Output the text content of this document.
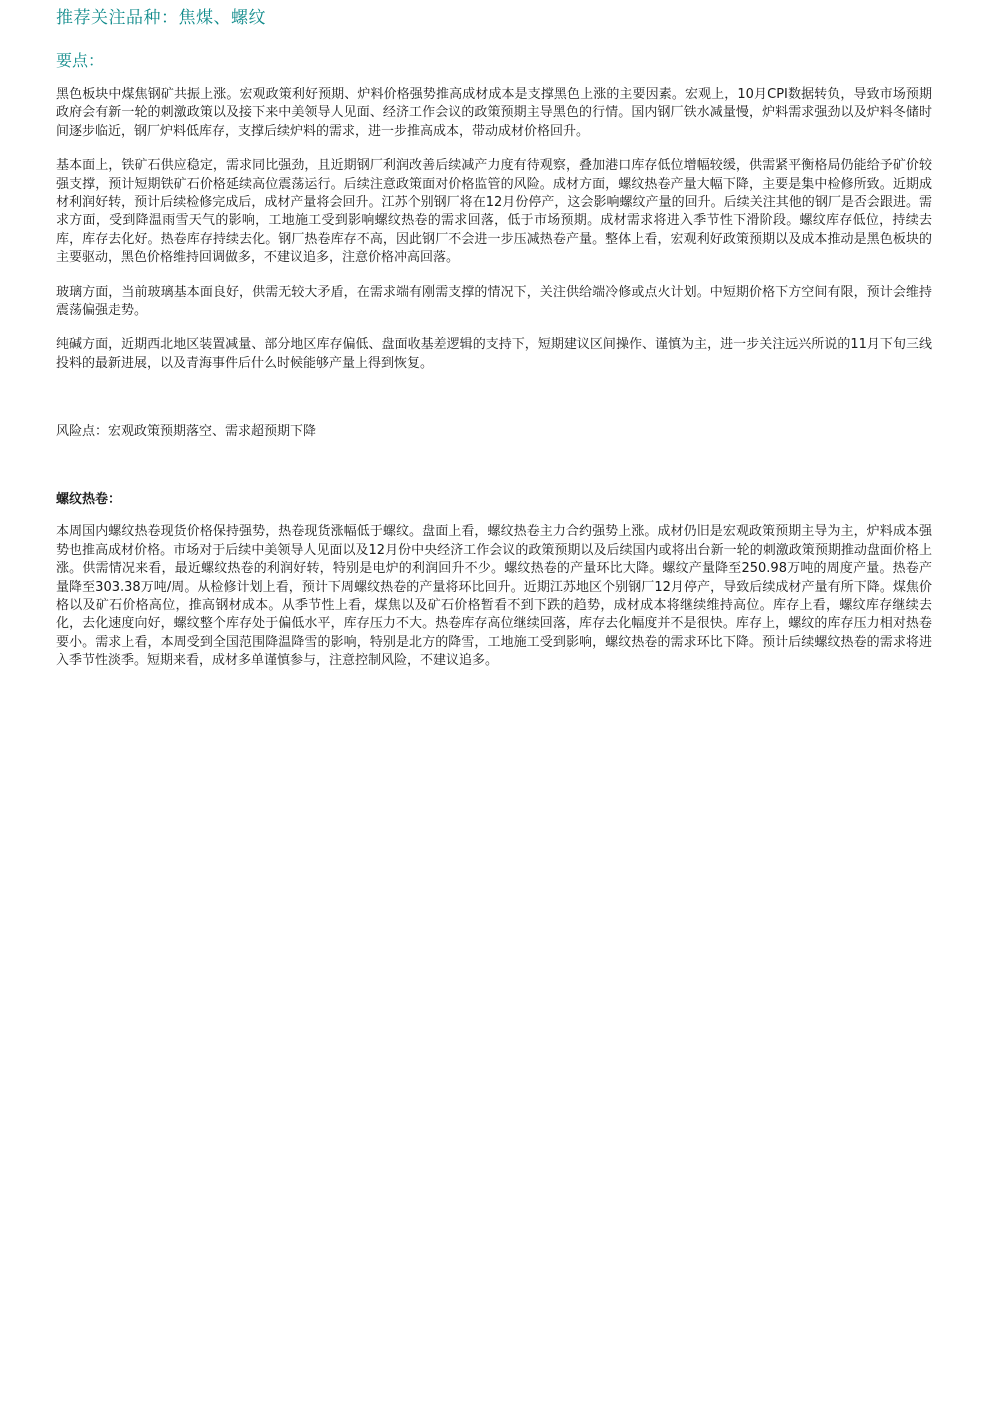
推荐关注品种：焦煤、螺纹
要点：

黑色板块中煤焦钢矿共振上涨。宏观政策利好预期、炉料价格强势推高成材成本是支撑黑色上涨的主要因素。宏观上，10月CPI数据转负，导致市场预期政府会有新一轮的刺激政策以及接下来中美领导人见面、经济工作会议的政策预期主导黑色的行情。国内钢厂铁水减量慢，炉料需求强劲以及炉料冬储时间逐步临近，钢厂炉料低库存，支撑后续炉料的需求，进一步推高成本，带动成材价格回升。

基本面上，铁矿石供应稳定，需求同比强劲，且近期钢厂利润改善后续减产力度有待观察，叠加港口库存低位增幅较缓，供需紧平衡格局仍能给予矿价较强支撑，预计短期铁矿石价格延续高位震荡运行。后续注意政策面对价格监管的风险。成材方面，螺纹热卷产量大幅下降，主要是集中检修所致。近期成材利润好转，预计后续检修完成后，成材产量将会回升。江苏个别钢厂将在12月份停产，这会影响螺纹产量的回升。后续关注其他的钢厂是否会跟进。需求方面，受到降温雨雪天气的影响，工地施工受到影响螺纹热卷的需求回落，低于市场预期。成材需求将进入季节性下滑阶段。螺纹库存低位，持续去库，库存去化好。热卷库存持续去化。钢厂热卷库存不高，因此钢厂不会进一步压减热卷产量。整体上看，宏观利好政策预期以及成本推动是黑色板块的主要驱动，黑色价格维持回调做多，不建议追多，注意价格冲高回落。

玻璃方面，当前玻璃基本面良好，供需无较大矛盾，在需求端有刚需支撑的情况下，关注供给端冷修或点火计划。中短期价格下方空间有限，预计会维持震荡偏强走势。

纯碱方面，近期西北地区装置减量、部分地区库存偏低、盘面收基差逻辑的支持下，短期建议区间操作、谨慎为主，进一步关注远兴所说的11月下旬三线投料的最新进展，以及青海事件后什么时候能够产量上得到恢复。

风险点：宏观政策预期落空、需求超预期下降
螺纹热卷：

本周国内螺纹热卷现货价格保持强势，热卷现货涨幅低于螺纹。盘面上看，螺纹热卷主力合约强势上涨。成材仍旧是宏观政策预期主导为主，炉料成本强势也推高成材价格。市场对于后续中美领导人见面以及12月份中央经济工作会议的政策预期以及后续国内或将出台新一轮的刺激政策预期推动盘面价格上涨。供需情况来看，最近螺纹热卷的利润好转，特别是电炉的利润回升不少。螺纹热卷的产量环比大降。螺纹产量降至250.98万吨的周度产量。热卷产量降至303.38万吨/周。从检修计划上看，预计下周螺纹热卷的产量将环比回升。近期江苏地区个别钢厂12月停产，导致后续成材产量有所下降。煤焦价格以及矿石价格高位，推高钢材成本。从季节性上看，煤焦以及矿石价格暂看不到下跌的趋势，成材成本将继续维持高位。库存上看，螺纹库存继续去化，去化速度向好，螺纹整个库存处于偏低水平，库存压力不大。热卷库存高位继续回落，库存去化幅度并不是很快。库存上，螺纹的库存压力相对热卷要小。需求上看，本周受到全国范围降温降雪的影响，特别是北方的降雪，工地施工受到影响，螺纹热卷的需求环比下降。预计后续螺纹热卷的需求将进入季节性淡季。短期来看，成材多单谨慎参与，注意控制风险，不建议追多。
